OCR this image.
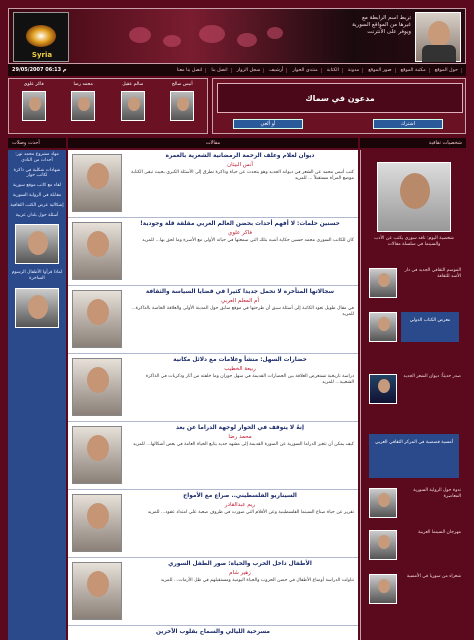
Syria
تربط اسم الرابطة مع غيرها من المواقع السورية ويوفر على الأنترنت
حول الموقع
مكتبة الموقع
صور الموقع
مدونة
الكتابة
منتدى الحوار
أرشيف
سجل الزوار
اتصل بنا
اتصل بنا معنا
29/05/2007 06:13 م
فاكر علوي	محمد رضا	سالم عقيل	أنيس صالح
مدعون في سماك
أو ألغي	اشترك
أحدث وصلات	مقالات	شخصيات ثقافية
مهاد مشروع محمد نور: أحداث من النادي
شهادات شكلية في ذاكرة لكاتب حوار
لقاء مع كاتب موقع سورية
مقابلة في الرواية السورية
إشكالية عرض الكتب الثقافية
أسئلة حول بلدان عربية
لماذا قرأوا الأطفال الرسوم الساخرة
ديوان لعلام وعلف الرحمة الرمضانية الشعرية بالعمرة
أنس البيتان
كتب أنيس محمد عن الشعر في ديوانه الجديد وهو يتحدث عن حياة وذاكرة تطرق إلى الأسئلة الكبرى بحيث تبقى الكتابة موضع المرأة مستقبلاً ... للمزيد
حسنين حلمات: لا أفهم أحداث بحضن العالم العربي مقلقة قلة وجودية!
فاكر علوي
كان للكاتب السوري محمد حسين حكاية أشبه بتلك التي سمعتها في حياته الأولى مع الأسرة وما لحق بها... للمزيد
سجالاتها المتأخرة لا تحمل جديدا كثيرا في قضايا السياسة والثقافة
أم المعلم العربي
في مقال طويل تعود الكاتبة إلى أسئلة سبق أن طرحتها في موقع سابق حول المدينة الأولى والعلاقة الخاصة بالذاكرة... للمزيد
حضارات السهل: منشأ وعلامات مع دلائل مكانية
ربيعة الخطيب
دراسة تاريخية تستعرض العلاقة بين الحضارات القديمة في سهل حوران وما خلفته من آثار وذكريات في الذاكرة الشعبية... للمزيد
إنهُ لا يتوقف في الحوار لوجهة الدراما عن بعد
محمد رضا
كيف يمكن أن تتغير الدراما السورية عن الصورة القديمة إلى مشهد جديد يتابع الحياة العامة في بعض أشكالها... للمزيد
السيناريو الفلسطيني.. صراع مع الأمواج
ريم عبدالقادر
تقرير عن حياة صناع السينما الفلسطينية وعن الأفلام التي صورت في ظروف صعبة على امتداد عقود... للمزيد
الأطفال داخل الحرب والحياة: صور الطفل السوري
زهير شام
تناولت الدراسة أوضاع الأطفال في حضن الحروب والحياة اليومية ومستقبلهم في ظل الأزمات... للمزيد
مسرحية الليالي والسماح بقلوب الآخرين
شخصية اليوم: ناقد سوري يكتب عن الأدب والسينما في سلسلة مقالات
الموسم الثقافي الجديد في دار الأسد للثقافة
معرض الكتاب الدولي
صدر حديثاً: ديوان الشعر الجديد
أمسية قصصية في المركز الثقافي العربي
ندوة حول الرواية السورية المعاصرة
مهرجان السينما العربية
شعراء من سوريا في الأمسية
